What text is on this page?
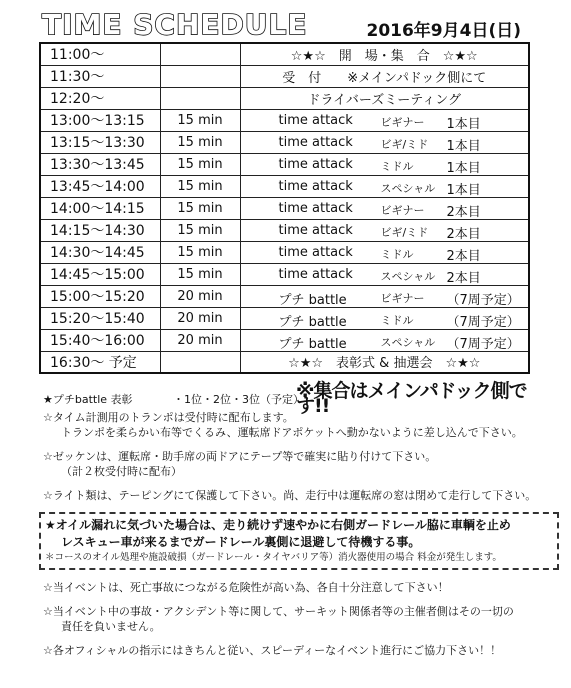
TIME SCHEDULE	2016年9月4日(日)
11:00～		☆★☆　開　場・集　合　☆★☆
11:30～		受　付　　※メインパドック側にて
12:20～		ドライバーズミーティング
13:00～13:15	15 min	time attack ビギナー 1本目

13:15～13:30	15 min	time attack ビギ/ミド 1本目

13:30～13:45	15 min	time attack ミドル 1本目

13:45～14:00	15 min	time attack スペシャル 1本目

14:00～14:15	15 min	time attack ビギナー 2本目

14:15～14:30	15 min	time attack ビギ/ミド 2本目

14:30～14:45	15 min	time attack ミドル 2本目

14:45～15:00	15 min	time attack スペシャル 2本目

15:00～15:20	20 min	プチ battle ビギナー （7周予定）

15:20～15:40	20 min	プチ battle ミドル （7周予定）

15:40～16:00	20 min	プチ battle スペシャル （7周予定）

16:30～ 予定		☆★☆　表彰式 & 抽選会　☆★☆
★プチbattle 表彰	・1位・2位・3位（予定）
※集合はメインパドック側です!!
☆タイム計測用のトランポは受付時に配布します。
トランポを柔らかい布等でくるみ、運転席ドアポケットへ動かないように差し込んで下さい。
☆ゼッケンは、運転席・助手席の両ドアにテープ等で確実に貼り付けて下さい。
（計２枚受付時に配布）
☆ライト類は、テーピングにて保護して下さい。尚、走行中は運転席の窓は閉めて走行して下さい。
★オイル漏れに気づいた場合は、走り続けず速やかに右側ガードレール脇に車輌を止め
レスキュー車が来るまでガードレール裏側に退避して待機する事。
＊コースのオイル処理や施設破損（ガードレール・タイヤバリア等）消火器使用の場合 料金が発生します。
☆当イベントは、死亡事故につながる危険性が高い為、各自十分注意して下さい！
☆当イベント中の事故・アクシデント等に関して、サーキット関係者等の主催者側はその一切の
責任を負いません。
☆各オフィシャルの指示にはきちんと従い、スピーディーなイベント進行にご協力下さい！！
